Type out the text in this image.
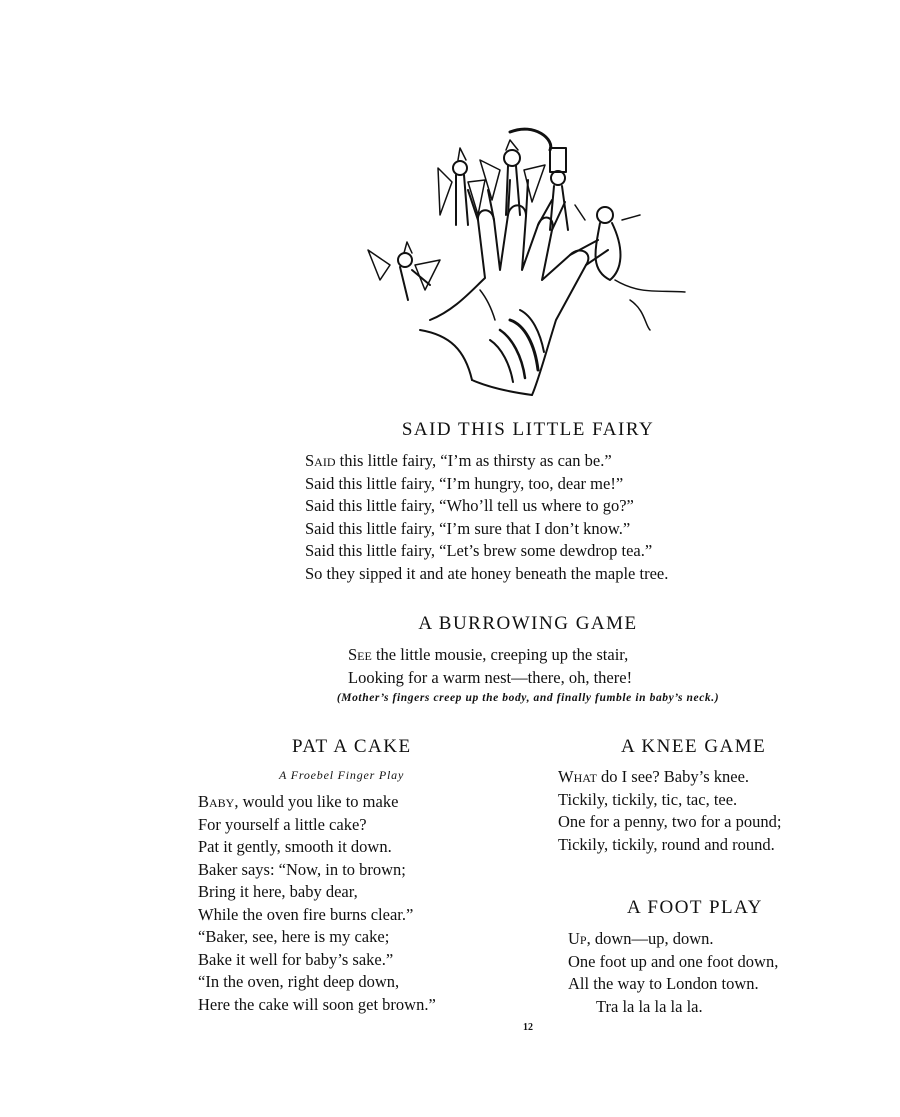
SAID THIS LITTLE FAIRY
Said this little fairy, “I’m as thirsty as can be.”
Said this little fairy, “I’m hungry, too, dear me!”
Said this little fairy, “Who’ll tell us where to go?”
Said this little fairy, “I’m sure that I don’t know.”
Said this little fairy, “Let’s brew some dewdrop tea.”
So they sipped it and ate honey beneath the maple tree.
A BURROWING GAME
See the little mousie, creeping up the stair,
Looking for a warm nest—there, oh, there!
(Mother’s fingers creep up the body, and finally fumble in baby’s neck.)
PAT A CAKE
A Froebel Finger Play
Baby, would you like to make
For yourself a little cake?
Pat it gently, smooth it down.
Baker says: “Now, in to brown;
Bring it here, baby dear,
While the oven fire burns clear.”
“Baker, see, here is my cake;
Bake it well for baby’s sake.”
“In the oven, right deep down,
Here the cake will soon get brown.”
A KNEE GAME
What do I see? Baby’s knee.
Tickily, tickily, tic, tac, tee.
One for a penny, two for a pound;
Tickily, tickily, round and round.
A FOOT PLAY
Up, down—up, down.
One foot up and one foot down,
All the way to London town.
Tra la la la la la.
12
